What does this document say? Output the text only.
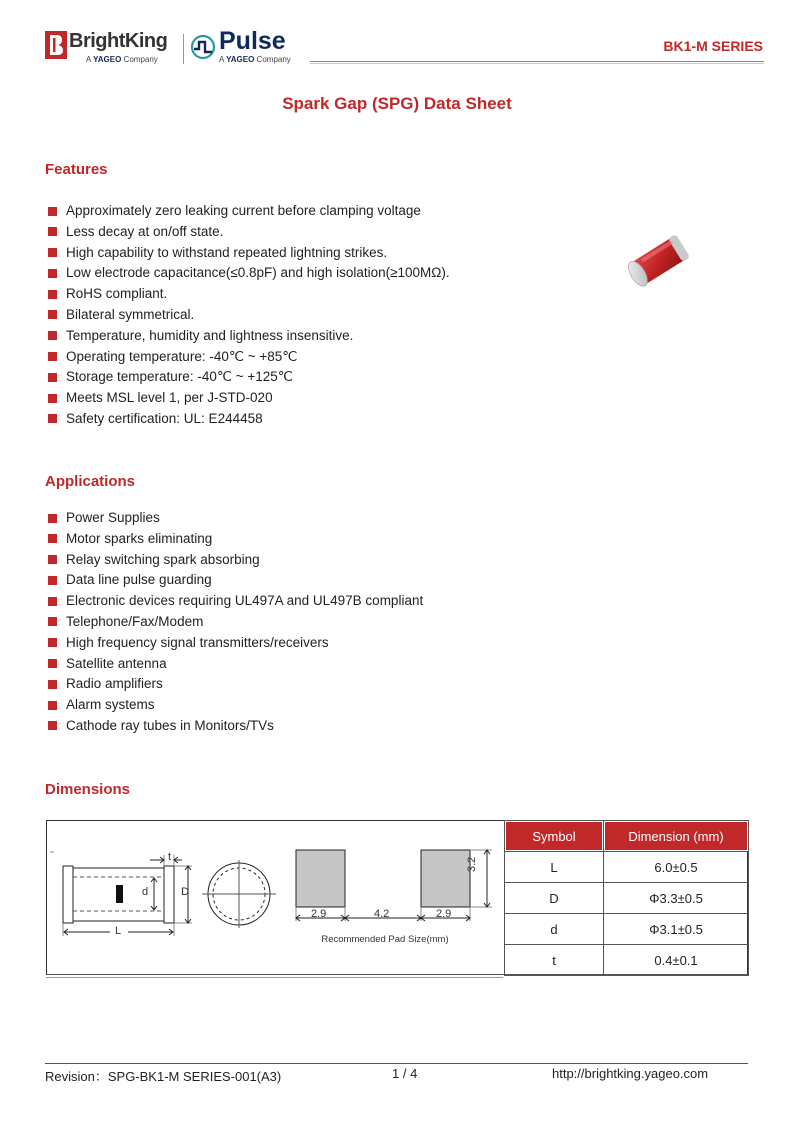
BrightKing
A YAGEO Company
Pulse
A YAGEO Company
BK1-M SERIES
Spark Gap (SPG) Data Sheet
Features
Approximately zero leaking current before clamping voltage
Less decay at on/off state.
High capability to withstand repeated lightning strikes.
Low electrode capacitance(≤0.8pF) and high isolation(≥100MΩ).
RoHS compliant.
Bilateral symmetrical.
Temperature, humidity and lightness insensitive.
Operating temperature: -40℃ ~ +85℃
Storage temperature: -40℃ ~ +125℃
Meets MSL level 1, per J-STD-020
Safety certification: UL: E244458
Applications
Power Supplies
Motor sparks eliminating
Relay switching spark absorbing
Data line pulse guarding
Electronic devices requiring UL497A and UL497B compliant
Telephone/Fax/Modem
High frequency signal transmitters/receivers
Satellite antenna
Radio amplifiers
Alarm systems
Cathode ray tubes in Monitors/TVs
Dimensions
t
d	D
L
2.9	4.2	2.9
3.2
Recommended Pad Size(mm)
Symbol	Dimension (mm)
L	6.0±0.5
D	Φ3.3±0.5
d	Φ3.1±0.5
t	0.4±0.1
Revision：SPG-BK1-M SERIES-001(A3)	1 / 4	http://brightking.yageo.com
